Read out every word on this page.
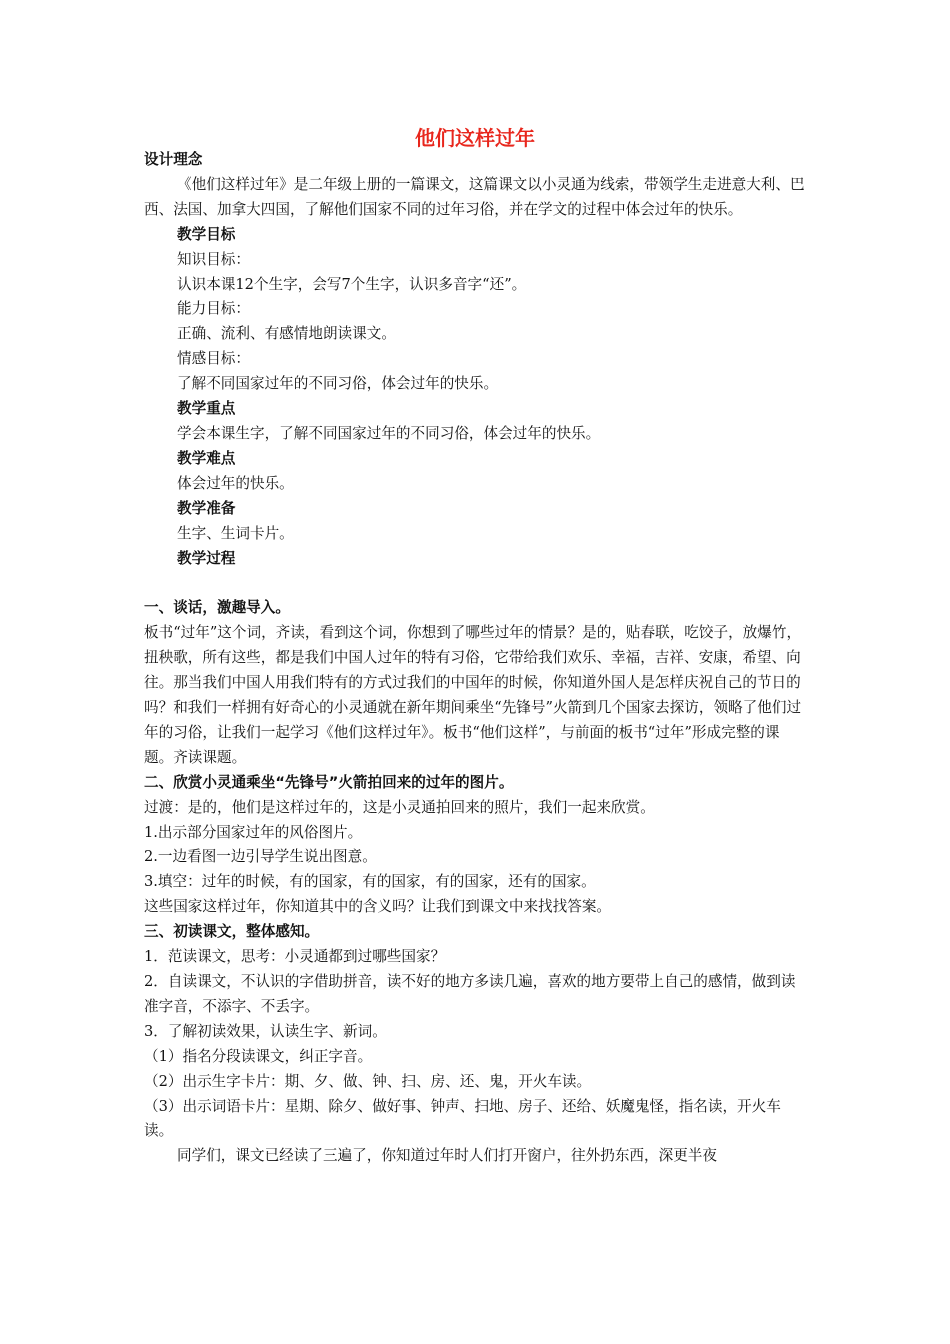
他们这样过年

设计理念

《他们这样过年》是二年级上册的一篇课文，这篇课文以小灵通为线索，带领学生走进意大利、巴西、法国、加拿大四国，了解他们国家不同的过年习俗，并在学文的过程中体会过年的快乐。

教学目标

知识目标：

认识本课12个生字，会写7个生字，认识多音字“还”。

能力目标：

正确、流利、有感情地朗读课文。

情感目标：

了解不同国家过年的不同习俗，体会过年的快乐。

教学重点

学会本课生字，了解不同国家过年的不同习俗，体会过年的快乐。

教学难点

体会过年的快乐。

教学准备

生字、生词卡片。

教学过程

一、谈话，激趣导入。

板书“过年”这个词，齐读，看到这个词，你想到了哪些过年的情景？是的，贴春联，吃饺子，放爆竹，扭秧歌，所有这些，都是我们中国人过年的特有习俗，它带给我们欢乐、幸福，吉祥、安康，希望、向往。那当我们中国人用我们特有的方式过我们的中国年的时候，你知道外国人是怎样庆祝自己的节日的吗？和我们一样拥有好奇心的小灵通就在新年期间乘坐“先锋号”火箭到几个国家去探访，领略了他们过年的习俗，让我们一起学习《他们这样过年》。板书“他们这样”，与前面的板书“过年”形成完整的课题。齐读课题。

二、欣赏小灵通乘坐“先锋号”火箭拍回来的过年的图片。

过渡：是的，他们是这样过年的，这是小灵通拍回来的照片，我们一起来欣赏。

1.出示部分国家过年的风俗图片。

2.一边看图一边引导学生说出图意。

3.填空：过年的时候，有的国家，有的国家，有的国家，还有的国家。

这些国家这样过年，你知道其中的含义吗？让我们到课文中来找找答案。

三、初读课文，整体感知。

1．范读课文，思考：小灵通都到过哪些国家？

2．自读课文，不认识的字借助拼音，读不好的地方多读几遍，喜欢的地方要带上自己的感情，做到读准字音，不添字、不丢字。

3．了解初读效果，认读生字、新词。

（1）指名分段读课文，纠正字音。

（2）出示生字卡片：期、夕、做、钟、扫、房、还、鬼，开火车读。

（3）出示词语卡片：星期、除夕、做好事、钟声、扫地、房子、还给、妖魔鬼怪，指名读，开火车读。

同学们，课文已经读了三遍了，你知道过年时人们打开窗户，往外扔东西，深更半夜
